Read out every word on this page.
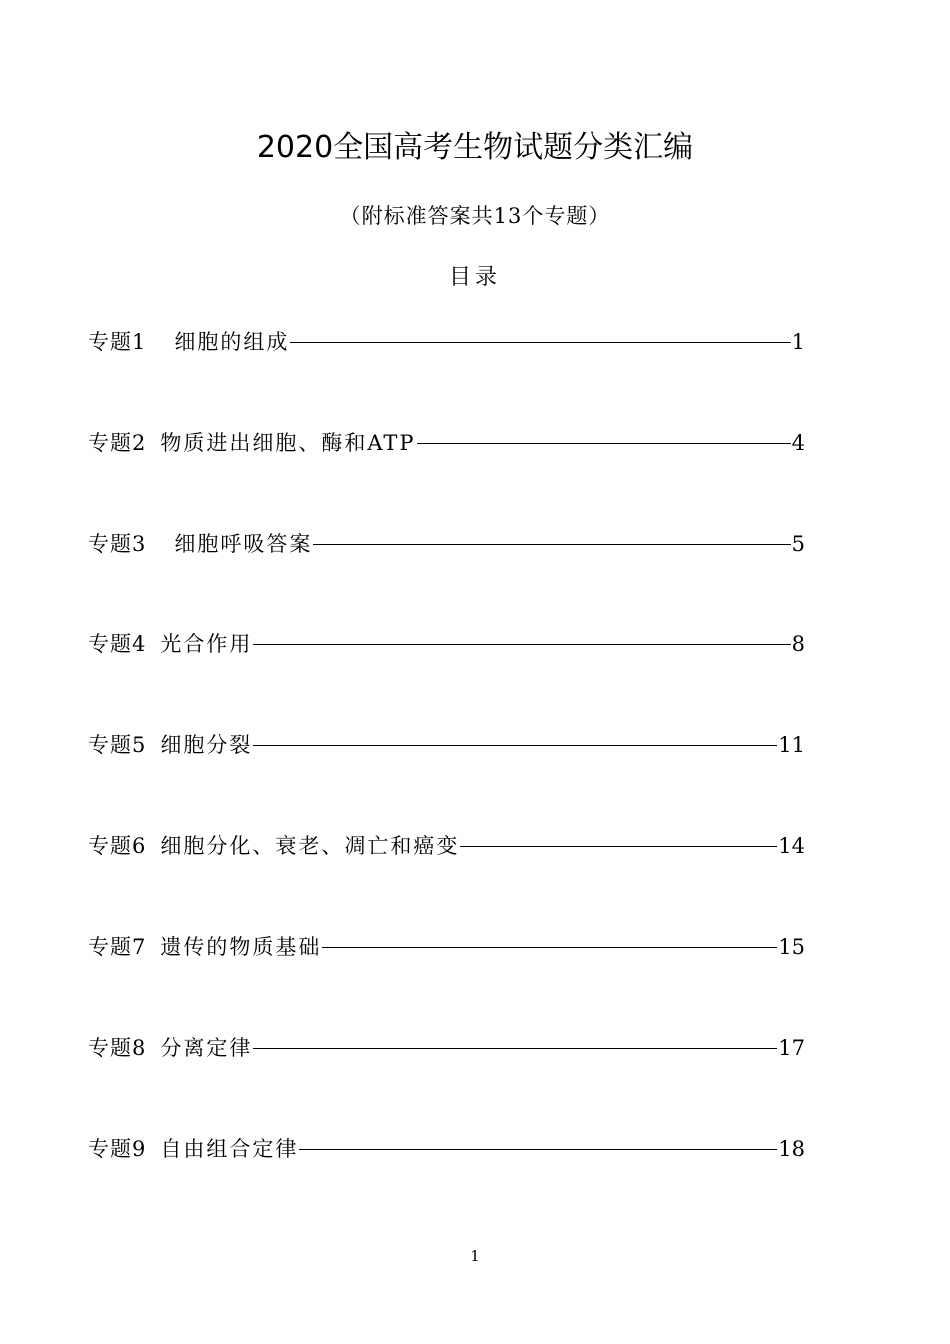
2020全国高考生物试题分类汇编
（附标准答案共13个专题）
目录
专题1 细胞的组成	1
专题2 物质进出细胞、酶和ATP	4
专题3 细胞呼吸答案	5
专题4 光合作用	8
专题5 细胞分裂	11
专题6 细胞分化、衰老、凋亡和癌变	14
专题7 遗传的物质基础	15
专题8 分离定律	17
专题9 自由组合定律	18
1
